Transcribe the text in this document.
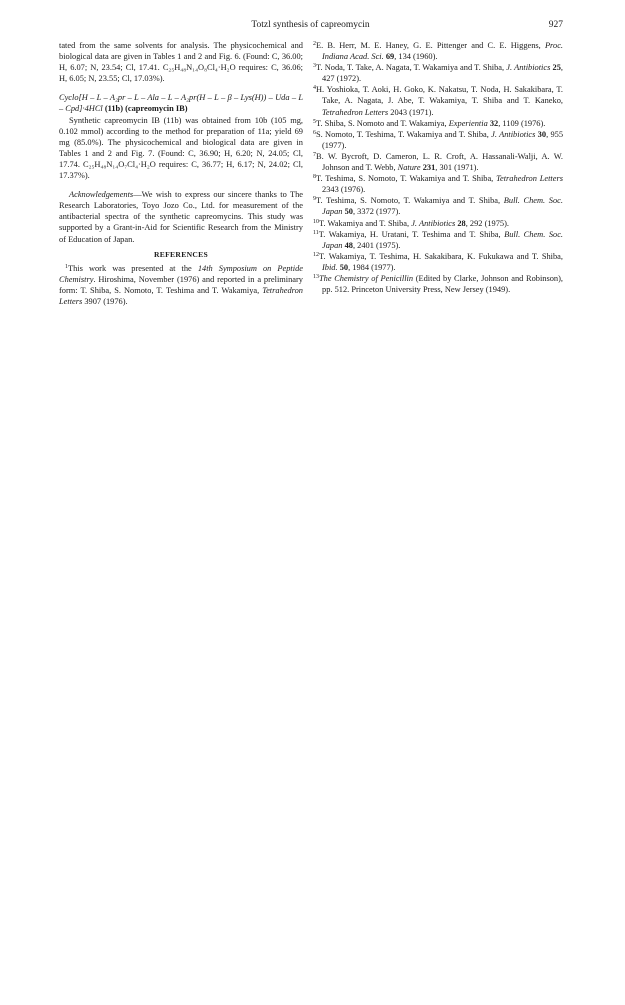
Totzl synthesis of capreomycin	927

tated from the same solvents for analysis. The physicochemical and biological data are given in Tables 1 and 2 and Fig. 6. (Found: C, 36.00; H, 6.07; N, 23.54; Cl, 17.41. C₂₅H₄₈N₁₄O₈Cl₄·H₂O requires: C, 36.06; H, 6.05; N, 23.55; Cl, 17.03%).

Cyclo[H – L – A₂pr – L – Ala – L – A₂pr(H – L – β – Lys(H)) – Uda – L – Cpd]·4HCl (11b) (capreomycin IB)

Synthetic capreomycin IB (11b) was obtained from 10b (105 mg, 0.102 mmol) according to the method for preparation of 11a; yield 69 mg (85.0%). The physicochemical and biological data are given in Tables 1 and 2 and Fig. 7. (Found: C, 36.90; H, 6.20; N, 24.05; Cl, 17.74. C₂₅H₄₈N₁₄O₇Cl₄·H₂O requires: C, 36.77; H, 6.17; N, 24.02; Cl, 17.37%).

Acknowledgements—We wish to express our sincere thanks to The Research Laboratories, Toyo Jozo Co., Ltd. for measurement of the antibacterial spectra of the synthetic capreomycins. This study was supported by a Grant-in-Aid for Scientific Research from the Ministry of Education of Japan.

REFERENCES

$^1$This work was presented at the 14th Symposium on Peptide Chemistry. Hiroshima, November (1976) and reported in a preliminary form: T. Shiba, S. Nomoto, T. Teshima and T. Wakamiya, Tetrahedron Letters 3907 (1976).

$^2$E. B. Herr, M. E. Haney, G. E. Pittenger and C. E. Higgens, Proc. Indiana Acad. Sci. 69, 134 (1960).

$^3$T. Noda, T. Take, A. Nagata, T. Wakamiya and T. Shiba, J. Antibiotics 25, 427 (1972).

$^4$H. Yoshioka, T. Aoki, H. Goko, K. Nakatsu, T. Noda, H. Sakakibara, T. Take, A. Nagata, J. Abe, T. Wakamiya, T. Shiba and T. Kaneko, Tetrahedron Letters 2043 (1971).

$^5$T. Shiba, S. Nomoto and T. Wakamiya, Experientia 32, 1109 (1976).

$^6$S. Nomoto, T. Teshima, T. Wakamiya and T. Shiba, J. Antibiotics 30, 955 (1977).

$^7$B. W. Bycroft, D. Cameron, L. R. Croft, A. Hassanali-Walji, A. W. Johnson and T. Webb, Nature 231, 301 (1971).

$^8$T. Teshima, S. Nomoto, T. Wakamiya and T. Shiba, Tetrahedron Letters 2343 (1976).

$^9$T. Teshima, S. Nomoto, T. Wakamiya and T. Shiba, Bull. Chem. Soc. Japan 50, 3372 (1977).

$^{10}$T. Wakamiya and T. Shiba, J. Antibiotics 28, 292 (1975).

$^{11}$T. Wakamiya, H. Uratani, T. Teshima and T. Shiba, Bull. Chem. Soc. Japan 48, 2401 (1975).

$^{12}$T. Wakamiya, T. Teshima, H. Sakakibara, K. Fukukawa and T. Shiba, Ibid. 50, 1984 (1977).

$^{13}$The Chemistry of Penicillin (Edited by Clarke, Johnson and Robinson), pp. 512. Princeton University Press, New Jersey (1949).
